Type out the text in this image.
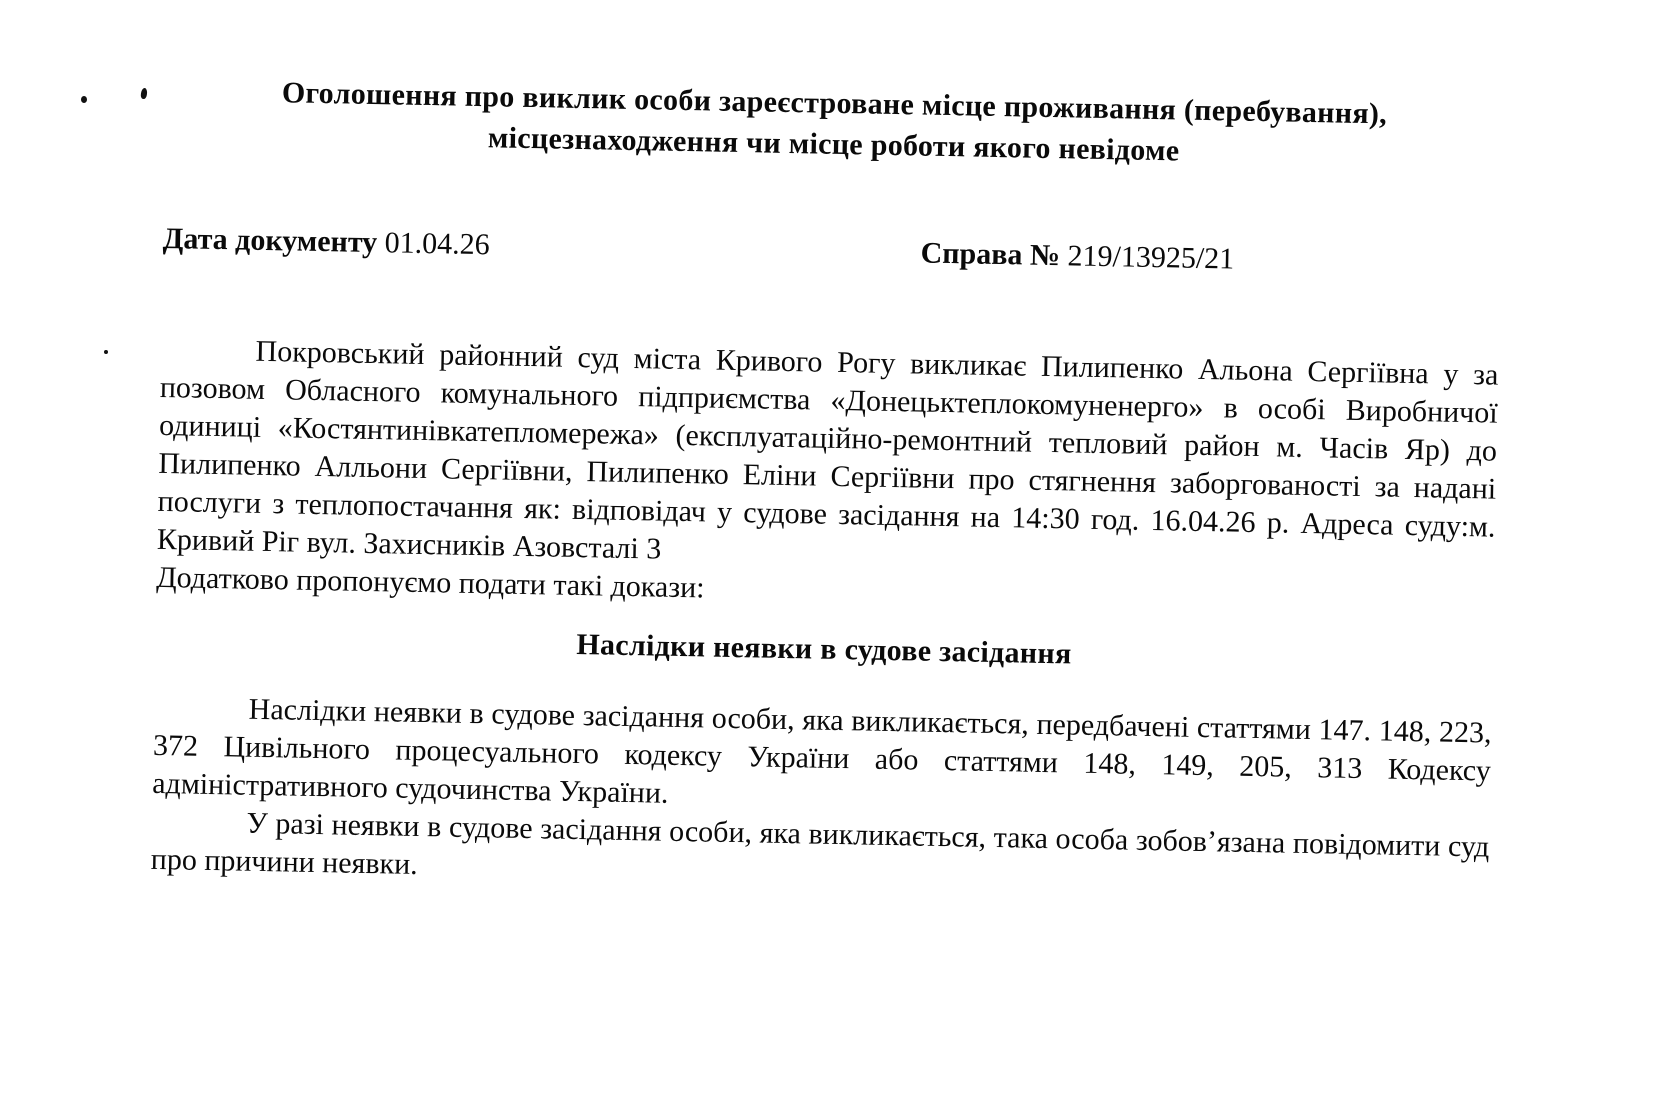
Оголошення про виклик особи зареєстроване місце проживання (перебування),
місцезнаходження чи місце роботи якого невідоме
Дата документу 01.04.26	Справа № 219/13925/21

Покровський районний суд міста Кривого Рогу викликає Пилипенко Альона Сергіївна у за позовом Обласного комунального підприємства «Донецьктеплокомуненерго» в особі Виробничої одиниці «Костянтинівкатепломережа» (експлуатаційно-ремонтний тепловий район м. Часів Яр) до Пилипенко Алльони Сергіївни, Пилипенко Еліни Сергіївни про стягнення заборгованості за надані послуги з теплопостачання як: відповідач у судове засідання на 14:30 год. 16.04.26 р. Адреса суду:м. Кривий Ріг вул. Захисників Азовсталі 3

Додатково пропонуємо подати такі докази:

Наслідки неявки в судове засідання

Наслідки неявки в судове засідання особи, яка викликається, передбачені статтями 147. 148, 223, 372 Цивільного процесуального кодексу України або статтями 148, 149, 205, 313 Кодексу адміністративного судочинства України.

У разі неявки в судове засідання особи, яка викликається, така особа зобов’язана повідомити суд про причини неявки.
